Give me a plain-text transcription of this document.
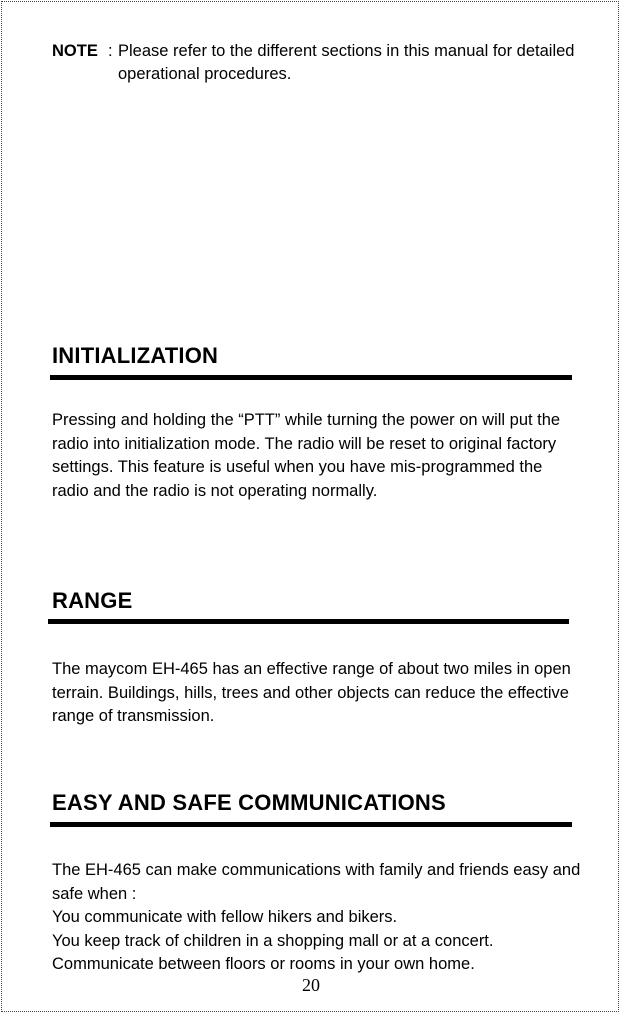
NOTE : Please refer to the different sections in this manual for detailed operational procedures.
INITIALIZATION

Pressing and holding the “PTT” while turning the power on will put the radio into initialization mode. The radio will be reset to original factory settings. This feature is useful when you have mis-programmed the radio and the radio is not operating normally.

RANGE

The maycom EH-465 has an effective range of about two miles in open terrain. Buildings, hills, trees and other objects can reduce the effective range of transmission.

EASY AND SAFE COMMUNICATIONS

The EH-465 can make communications with family and friends easy and safe when :

You communicate with fellow hikers and bikers.

You keep track of children in a shopping mall or at a concert.

Communicate between floors or rooms in your own home.

20
